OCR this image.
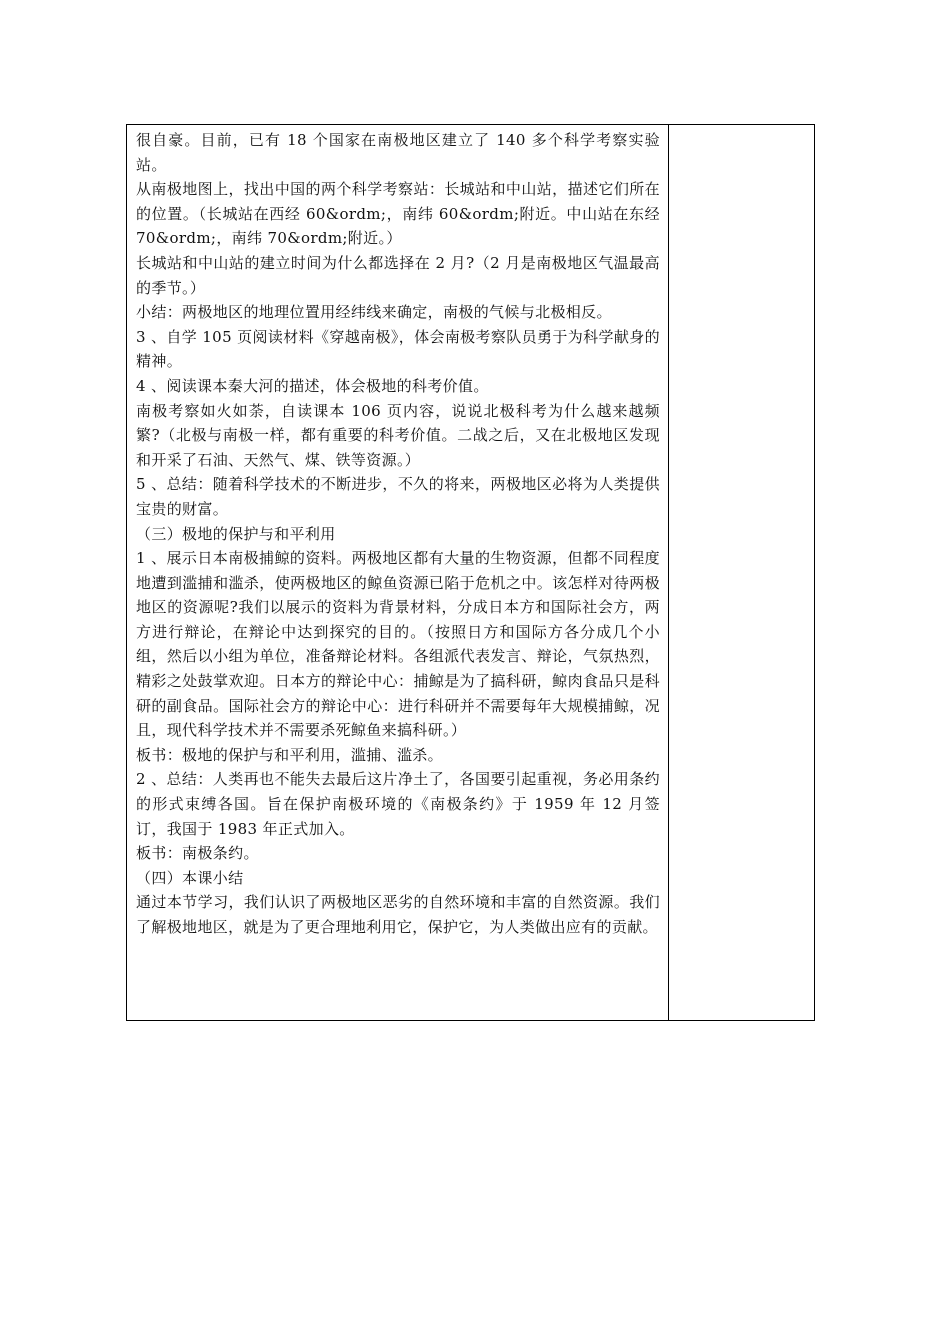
很自豪。目前，已有 18 个国家在南极地区建立了 140 多个科学考察实验站。

从南极地图上，找出中国的两个科学考察站：长城站和中山站，描述它们所在的位置。（长城站在西经 60&ordm;，南纬 60&ordm;附近。中山站在东经 70&ordm;，南纬 70&ordm;附近。）

长城站和中山站的建立时间为什么都选择在 2 月?（2 月是南极地区气温最高的季节。）

小结：两极地区的地理位置用经纬线来确定，南极的气候与北极相反。

3 、自学 105 页阅读材料《穿越南极》，体会南极考察队员勇于为科学献身的精神。

4 、阅读课本秦大河的描述，体会极地的科考价值。

南极考察如火如荼，自读课本 106 页内容，说说北极科考为什么越来越频繁?（北极与南极一样，都有重要的科考价值。二战之后，又在北极地区发现和开采了石油、天然气、煤、铁等资源。）

5 、总结：随着科学技术的不断进步，不久的将来，两极地区必将为人类提供宝贵的财富。

（三）极地的保护与和平利用

1 、展示日本南极捕鲸的资料。两极地区都有大量的生物资源，但都不同程度地遭到滥捕和滥杀，使两极地区的鲸鱼资源已陷于危机之中。该怎样对待两极地区的资源呢?我们以展示的资料为背景材料，分成日本方和国际社会方，两方进行辩论，在辩论中达到探究的目的。（按照日方和国际方各分成几个小组，然后以小组为单位，准备辩论材料。各组派代表发言、辩论，气氛热烈，精彩之处鼓掌欢迎。日本方的辩论中心：捕鲸是为了搞科研，鲸肉食品只是科研的副食品。国际社会方的辩论中心：进行科研并不需要每年大规模捕鲸，况且，现代科学技术并不需要杀死鲸鱼来搞科研。）

板书：极地的保护与和平利用，滥捕、滥杀。

2 、总结：人类再也不能失去最后这片净土了，各国要引起重视，务必用条约的形式束缚各国。旨在保护南极环境的《南极条约》于 1959 年 12 月签订，我国于 1983 年正式加入。

板书：南极条约。

（四）本课小结

通过本节学习，我们认识了两极地区恶劣的自然环境和丰富的自然资源。我们了解极地地区，就是为了更合理地利用它，保护它，为人类做出应有的贡献。
